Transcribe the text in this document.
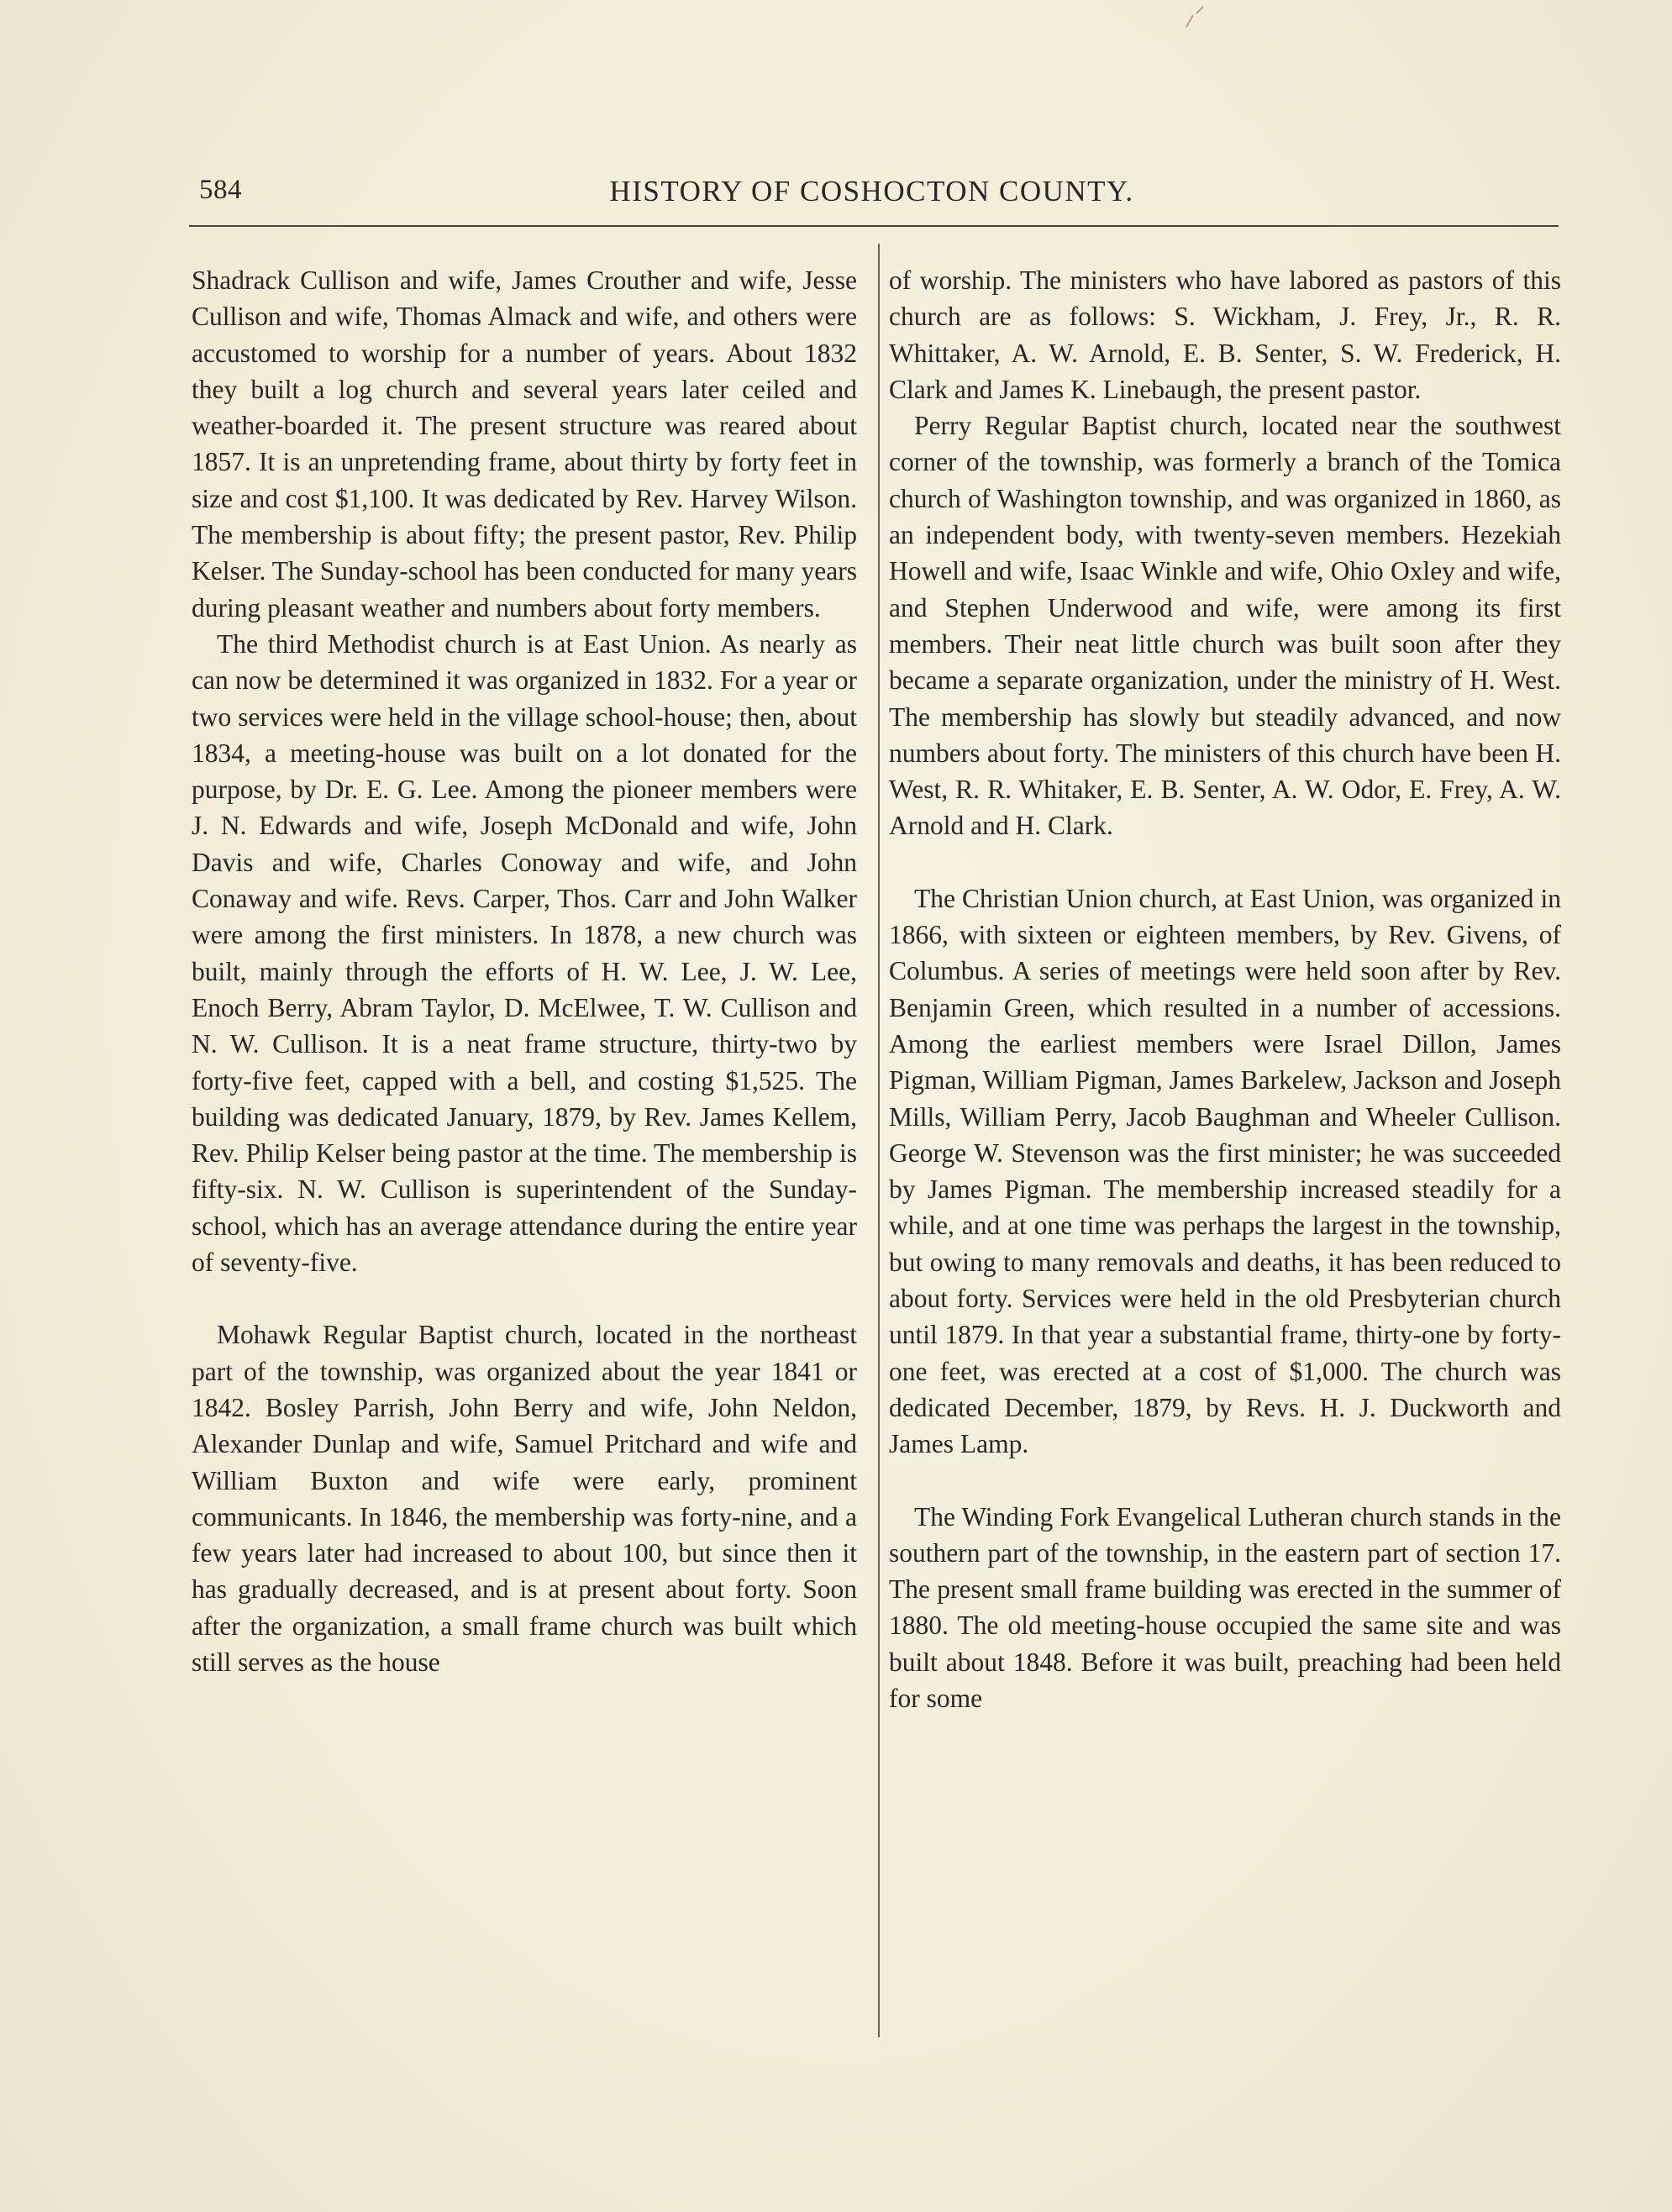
584	HISTORY OF COSHOCTON COUNTY.

Shadrack Cullison and wife, James Crouther and wife, Jesse Cullison and wife, Thomas Almack and wife, and others were accustomed to worship for a number of years. About 1832 they built a log church and several years later ceiled and weather-boarded it. The present structure was reared about 1857. It is an unpretending frame, about thirty by forty feet in size and cost $1,100. It was dedicated by Rev. Harvey Wilson. The membership is about fifty; the present pastor, Rev. Philip Kelser. The Sunday-school has been conducted for many years during pleasant weather and numbers about forty members.

The third Methodist church is at East Union. As nearly as can now be determined it was organized in 1832. For a year or two services were held in the village school-house; then, about 1834, a meeting-house was built on a lot donated for the purpose, by Dr. E. G. Lee. Among the pioneer members were J. N. Edwards and wife, Joseph McDonald and wife, John Davis and wife, Charles Conoway and wife, and John Conaway and wife. Revs. Carper, Thos. Carr and John Walker were among the first ministers. In 1878, a new church was built, mainly through the efforts of H. W. Lee, J. W. Lee, Enoch Berry, Abram Taylor, D. McElwee, T. W. Cullison and N. W. Cullison. It is a neat frame structure, thirty-two by forty-five feet, capped with a bell, and costing $1,525. The building was dedicated January, 1879, by Rev. James Kellem, Rev. Philip Kelser being pastor at the time. The membership is fifty-six. N. W. Cullison is superintendent of the Sunday-school, which has an average attendance during the entire year of seventy-five.

Mohawk Regular Baptist church, located in the northeast part of the township, was organized about the year 1841 or 1842. Bosley Parrish, John Berry and wife, John Neldon, Alexander Dunlap and wife, Samuel Pritchard and wife and William Buxton and wife were early, prominent communicants. In 1846, the membership was forty-nine, and a few years later had increased to about 100, but since then it has gradually decreased, and is at present about forty. Soon after the organization, a small frame church was built which still serves as the house

of worship. The ministers who have labored as pastors of this church are as follows: S. Wickham, J. Frey, Jr., R. R. Whittaker, A. W. Arnold, E. B. Senter, S. W. Frederick, H. Clark and James K. Linebaugh, the present pastor.

Perry Regular Baptist church, located near the southwest corner of the township, was formerly a branch of the Tomica church of Washington township, and was organized in 1860, as an independent body, with twenty-seven members. Hezekiah Howell and wife, Isaac Winkle and wife, Ohio Oxley and wife, and Stephen Underwood and wife, were among its first members. Their neat little church was built soon after they became a separate organization, under the ministry of H. West. The membership has slowly but steadily advanced, and now numbers about forty. The ministers of this church have been H. West, R. R. Whitaker, E. B. Senter, A. W. Odor, E. Frey, A. W. Arnold and H. Clark.

The Christian Union church, at East Union, was organized in 1866, with sixteen or eighteen members, by Rev. Givens, of Columbus. A series of meetings were held soon after by Rev. Benjamin Green, which resulted in a number of accessions. Among the earliest members were Israel Dillon, James Pigman, William Pigman, James Barkelew, Jackson and Joseph Mills, William Perry, Jacob Baughman and Wheeler Cullison. George W. Stevenson was the first minister; he was succeeded by James Pigman. The membership increased steadily for a while, and at one time was perhaps the largest in the township, but owing to many removals and deaths, it has been reduced to about forty. Services were held in the old Presbyterian church until 1879. In that year a substantial frame, thirty-one by forty-one feet, was erected at a cost of $1,000. The church was dedicated December, 1879, by Revs. H. J. Duckworth and James Lamp.

The Winding Fork Evangelical Lutheran church stands in the southern part of the township, in the eastern part of section 17. The present small frame building was erected in the summer of 1880. The old meeting-house occupied the same site and was built about 1848. Before it was built, preaching had been held for some
